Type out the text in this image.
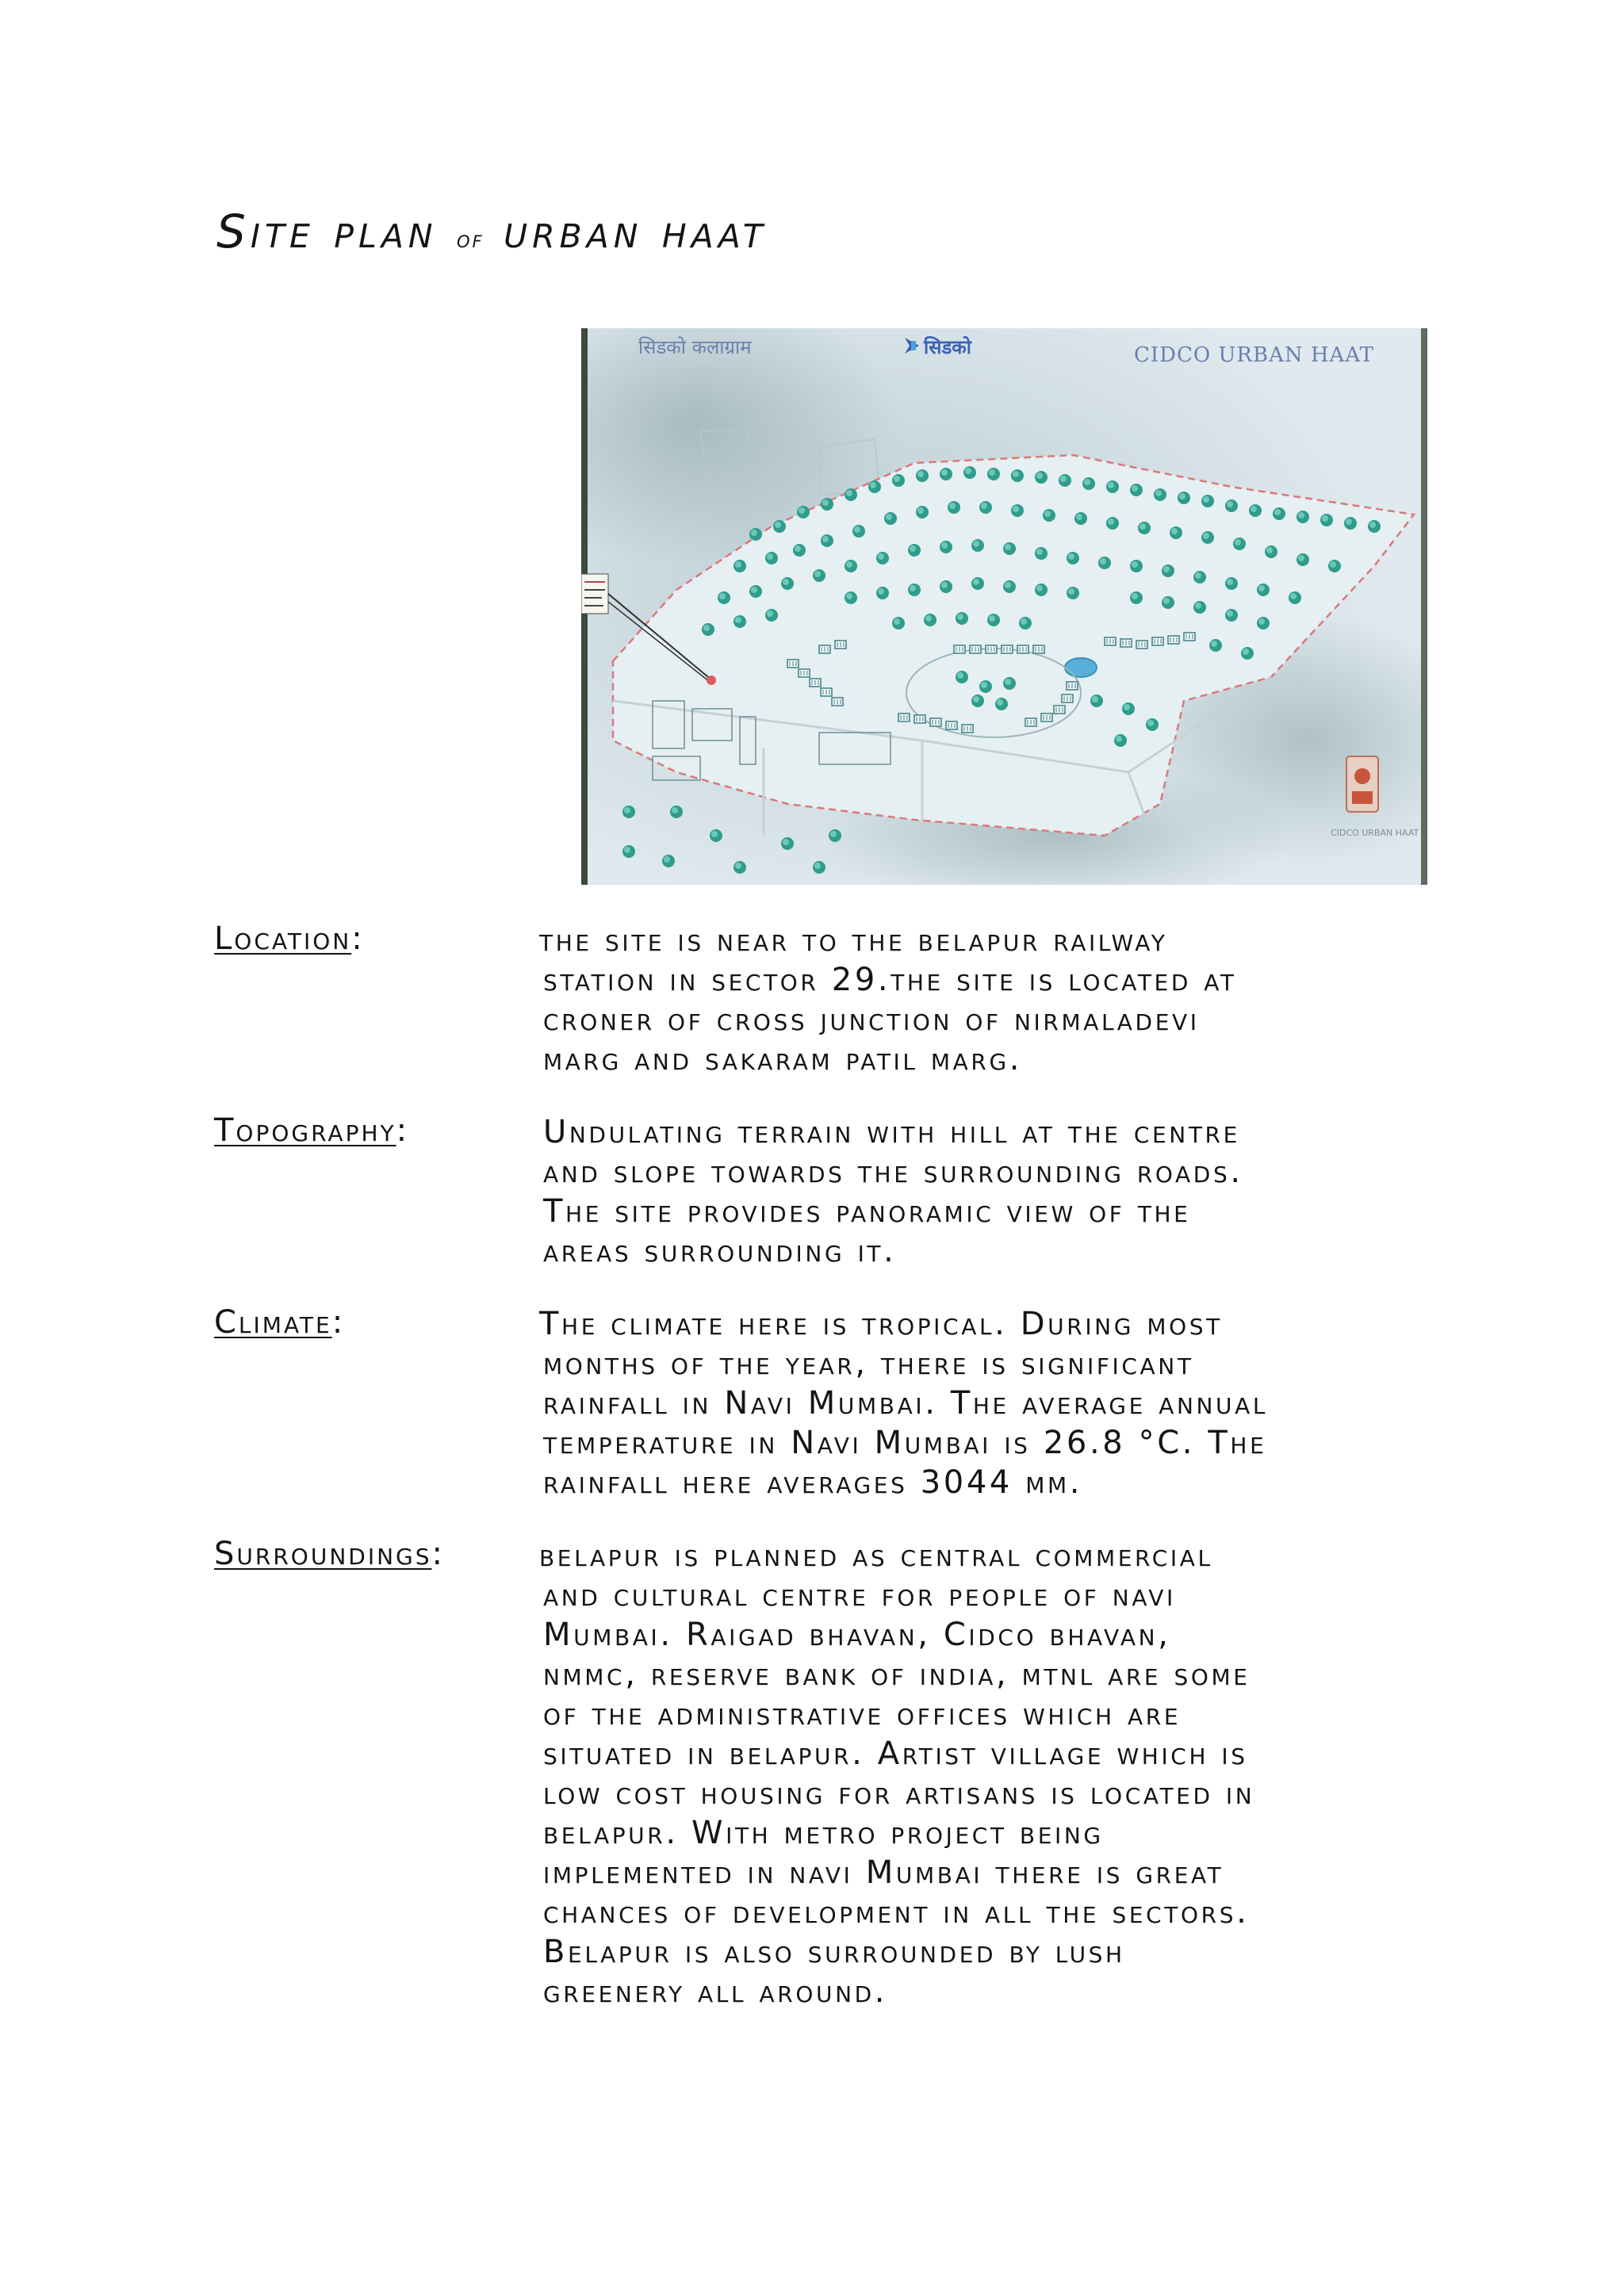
Site plan of urban haat
सिडको कलाग्राम	सिडको	CIDCO URBAN HAAT
CIDCO URBAN HAAT
Location:	the site is near to the belapur railway
station in sector 29.the site is located at
croner of cross junction of nirmaladevi
marg and sakaram patil marg.
Topography:	Undulating terrain with hill at the centre
and slope towards the surrounding roads.
The site provides panoramic view of the
areas surrounding it.
Climate:	The climate here is tropical. During most
months of the year, there is significant
rainfall in Navi Mumbai. The average annual
temperature in Navi Mumbai is 26.8 °C. The
rainfall here averages 3044 mm.
Surroundings:	belapur is planned as central commercial
and cultural centre for people of navi
Mumbai. Raigad bhavan, Cidco bhavan,
nmmc, reserve bank of india, mtnl are some
of the administrative offices which are
situated in belapur. Artist village which is
low cost housing for artisans is located in
belapur. With metro project being
implemented in navi Mumbai there is great
chances of development in all the sectors.
Belapur is also surrounded by lush
greenery all around.
